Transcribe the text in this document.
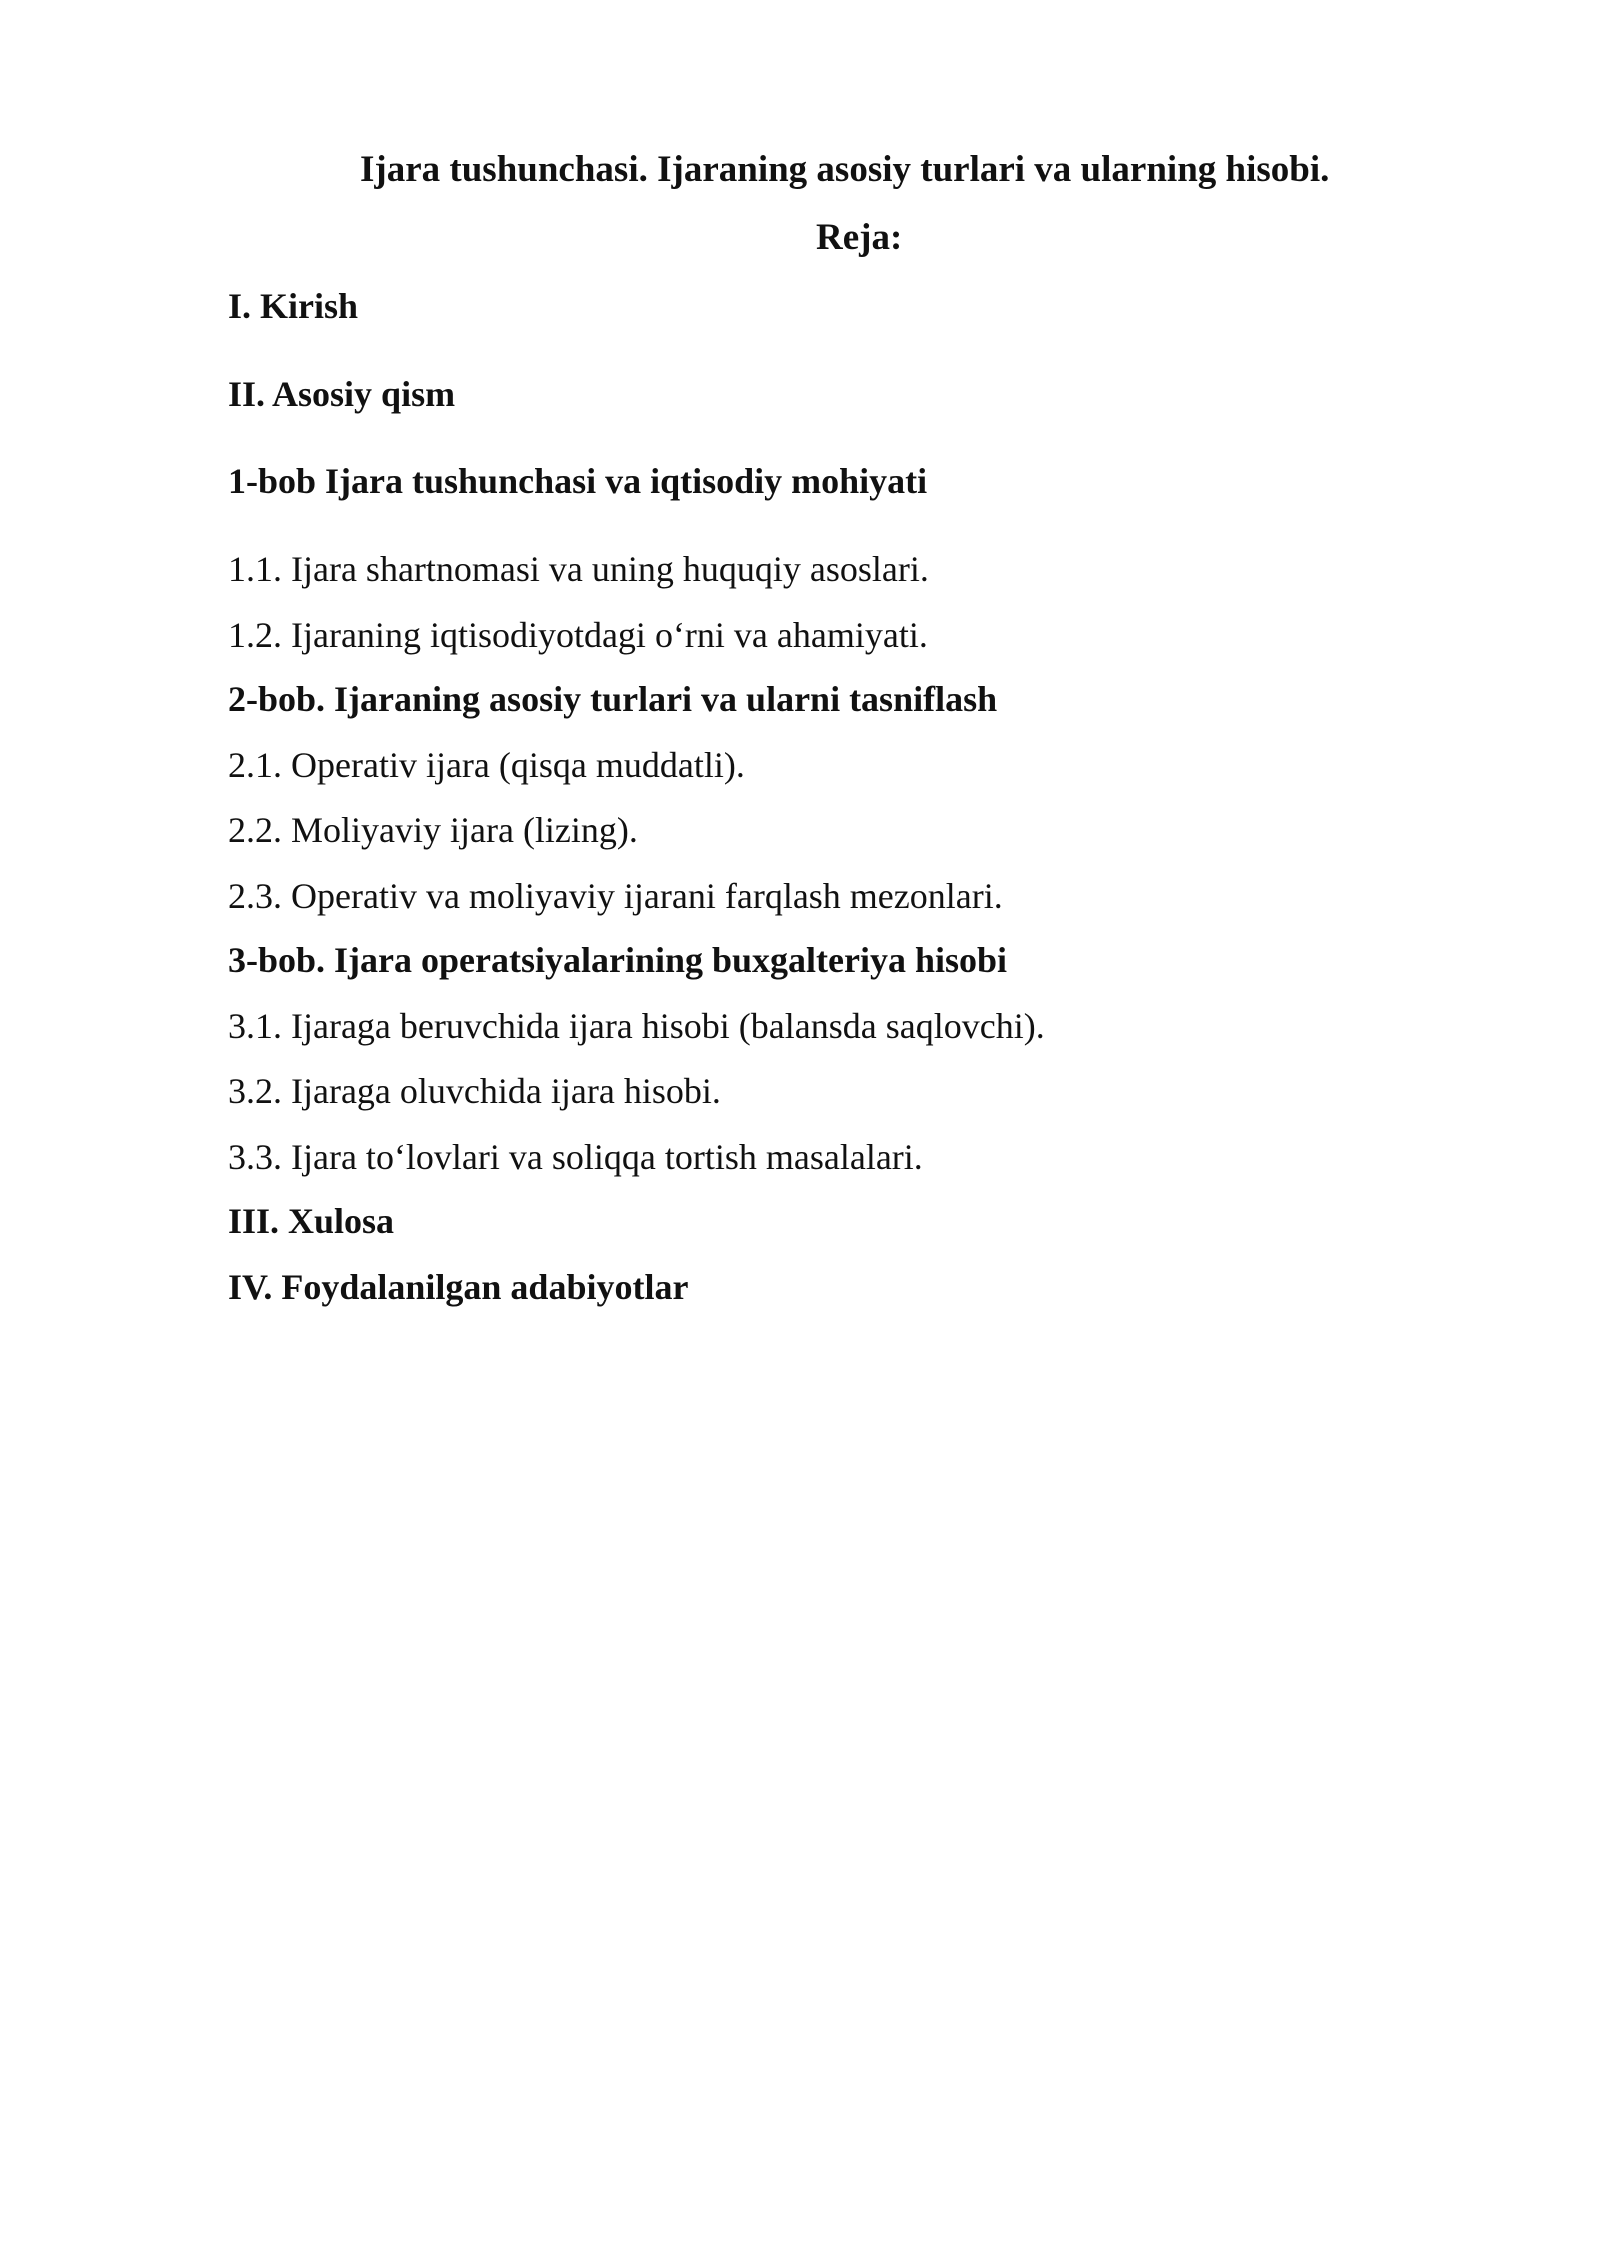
Ijara tushunchasi. Ijaraning asosiy turlari va ularning hisobi.
Reja:
I. Kirish
II. Asosiy qism
1-bob Ijara tushunchasi va iqtisodiy mohiyati
1.1. Ijara shartnomasi va uning huquqiy asoslari.
1.2. Ijaraning iqtisodiyotdagi o‘rni va ahamiyati.
2-bob. Ijaraning asosiy turlari va ularni tasniflash
2.1. Operativ ijara (qisqa muddatli).
2.2. Moliyaviy ijara (lizing).
2.3. Operativ va moliyaviy ijarani farqlash mezonlari.
3-bob. Ijara operatsiyalarining buxgalteriya hisobi
3.1. Ijaraga beruvchida ijara hisobi (balansda saqlovchi).
3.2. Ijaraga oluvchida ijara hisobi.
3.3. Ijara to‘lovlari va soliqqa tortish masalalari.
III. Xulosa
IV. Foydalanilgan adabiyotlar
